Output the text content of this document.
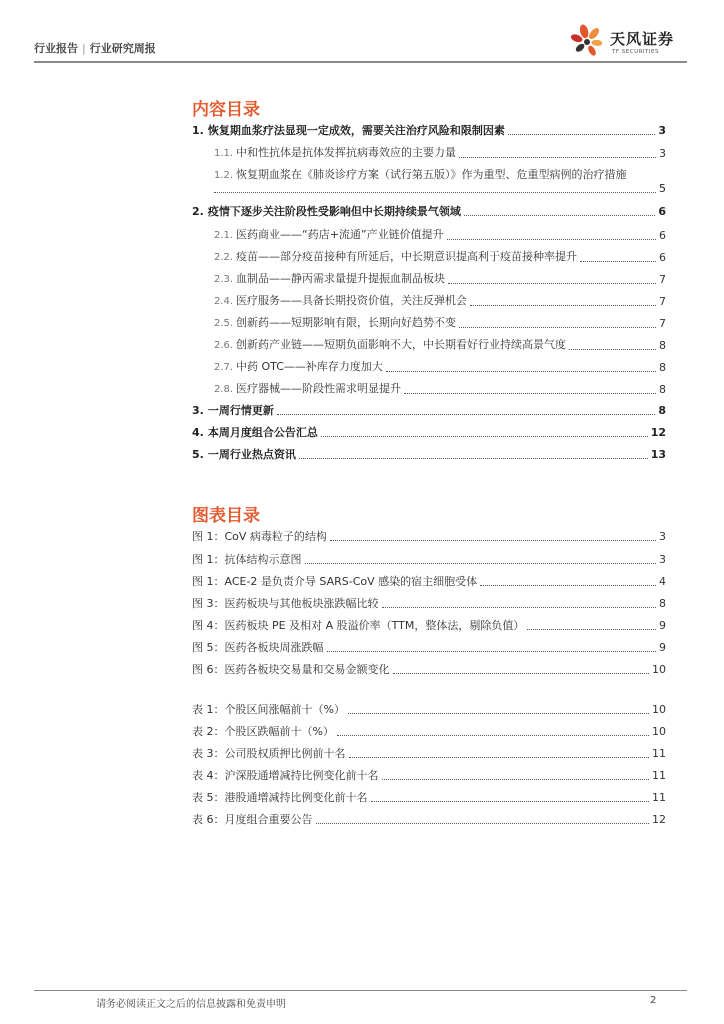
行业报告 | 行业研究周报
天风证券
TF SECURITIES
内容目录
1. 恢复期血浆疗法显现一定成效，需要关注治疗风险和限制因素	3
1.1. 中和性抗体是抗体发挥抗病毒效应的主要力量	3
1.2. 恢复期血浆在《肺炎诊疗方案（试行第五版）》作为重型、危重型病例的治疗措施
5
2. 疫情下逐步关注阶段性受影响但中长期持续景气领域	6
2.1. 医药商业——“药店+流通”产业链价值提升	6
2.2. 疫苗——部分疫苗接种有所延后，中长期意识提高利于疫苗接种率提升	6
2.3. 血制品——静丙需求量提升提振血制品板块	7
2.4. 医疗服务——具备长期投资价值，关注反弹机会	7
2.5. 创新药——短期影响有限，长期向好趋势不变	7
2.6. 创新药产业链——短期负面影响不大，中长期看好行业持续高景气度	8
2.7. 中药 OTC——补库存力度加大	8
2.8. 医疗器械——阶段性需求明显提升	8
3. 一周行情更新	8
4. 本周月度组合公告汇总	12
5. 一周行业热点资讯	13
图表目录
图 1：CoV 病毒粒子的结构	3
图 1：抗体结构示意图	3
图 1：ACE-2 是负责介导 SARS-CoV 感染的宿主细胞受体	4
图 3：医药板块与其他板块涨跌幅比较	8
图 4：医药板块 PE 及相对 A 股溢价率（TTM，整体法，剔除负值）	9
图 5：医药各板块周涨跌幅	9
图 6：医药各板块交易量和交易金额变化	10
表 1：个股区间涨幅前十（%）	10
表 2：个股区跌幅前十（%）	10
表 3：公司股权质押比例前十名	11
表 4：沪深股通增减持比例变化前十名	11
表 5：港股通增减持比例变化前十名	11
表 6：月度组合重要公告	12
请务必阅读正文之后的信息披露和免责申明	2
